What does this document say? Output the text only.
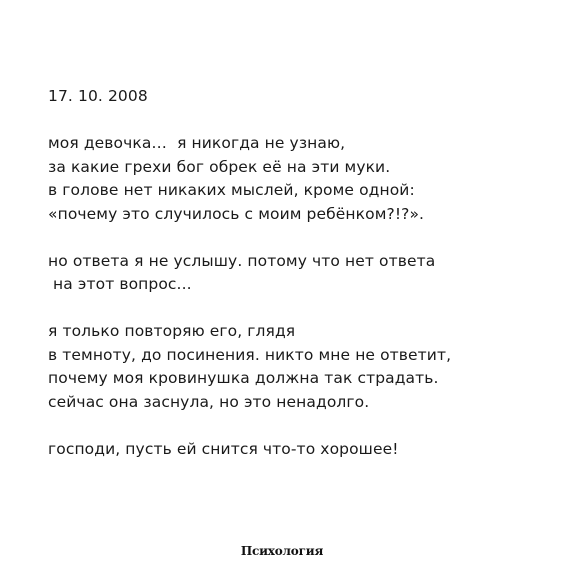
17. 10. 2008
моя девочка…  я никогда не узнаю,
за какие грехи бог обрек её на эти муки.
в голове нет никаких мыслей, кроме одной:
«почему это случилось с моим ребёнком?!?».
но ответа я не услышу. потому что нет ответа
на этот вопрос...
я только повторяю его, глядя
в темноту, до посинения. никто мне не ответит,
почему моя кровинушка должна так страдать.
сейчас она заснула, но это ненадолго.
господи, пусть ей снится что-то хорошее!
Психология
